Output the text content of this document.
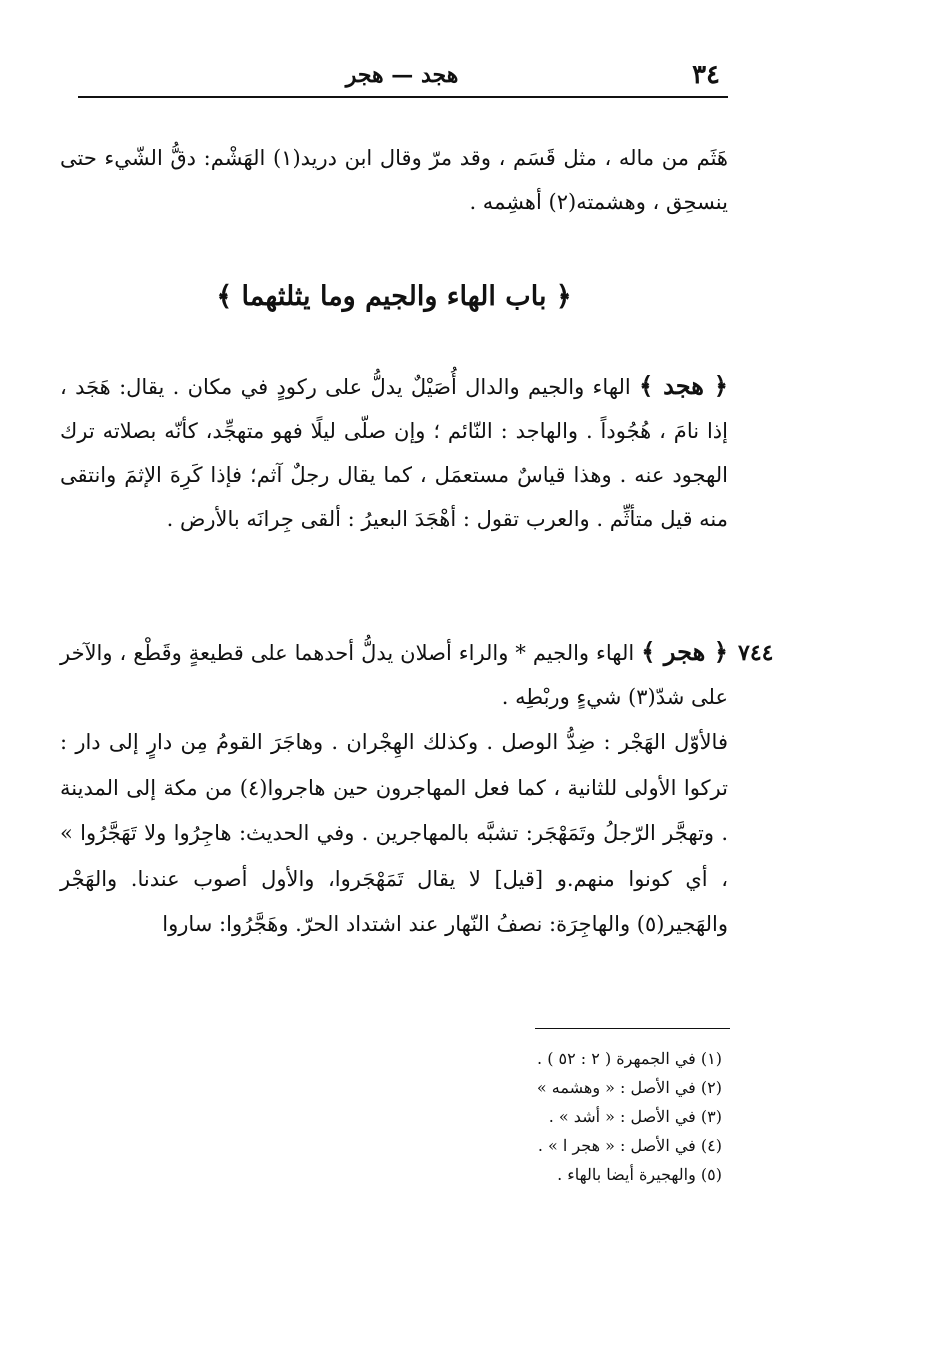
٣٤
هجد — هجر

هَثَم من ماله ، مثل قَسَم ، وقد مرّ وقال ابن دريد(١) الهَشْم: دقُّ الشّيء حتى ينسحِق ، وهشمته(٢) أهشِمه .

﴿ باب الهاء والجيم وما يثلثهما ﴾

﴿ هجد ﴾ الهاء والجيم والدال أُصَيْلٌ يدلُّ على ركودٍ في مكان . يقال: هَجَد ، إذا نامَ ، هُجُوداً . والهاجد : النّائم ؛ وإن صلّى ليلًا فهو متهجِّد، كأنّه بصلاته ترك الهجود عنه . وهذا قياسٌ مستعمَل ، كما يقال رجلٌ آثم؛ فإذا كَرِهَ الإثمَ وانتقى منه قيل متأثِّم . والعرب تقول : أهْجَدَ البعيرُ : ألقى جِرانَه بالأرض .

٧٤٤

﴿ هجر ﴾ الهاء والجيم * والراء أصلان يدلُّ أحدهما على قطيعةٍ وقَطْع ، والآخر على شدّ(٣) شيءٍ وربْطِه .

فالأوّل الهَجْر : ضِدُّ الوصل . وكذلك الهِجْران . وهاجَرَ القومُ مِن دارٍ إلى دار : تركوا الأولى للثانية ، كما فعل المهاجرون حين هاجروا(٤) من مكة إلى المدينة . وتهجَّر الرّجلُ وتَمَهْجَر: تشبَّه بالمهاجرين . وفي الحديث: هاجِرُوا ولا تَهَجَّرُوا » ، أي كونوا منهم.و [قيل] لا يقال تَمَهْجَروا، والأول أصوب عندنا. والهَجْر والهَجير(٥) والهاجِرَة: نصفُ النّهار عند اشتداد الحرّ. وهَجَّرُوا: ساروا

(١) في الجمهرة ( ٢ : ٥٢ ) .
(٢) في الأصل : « وهشمه »
(٣) في الأصل : « أشد » .
(٤) في الأصل : « هجر ا » .
(٥) والهجيرة أيضا بالهاء .
